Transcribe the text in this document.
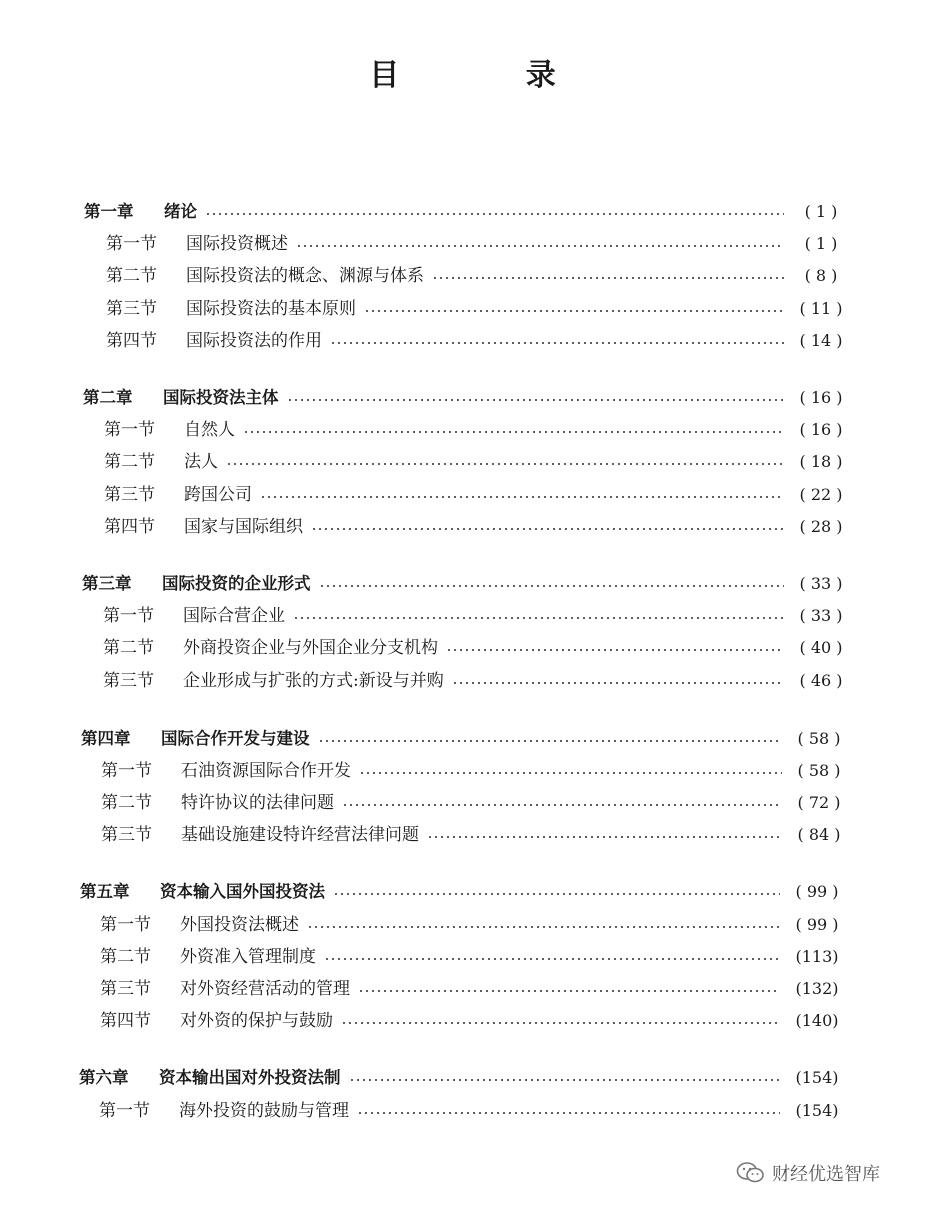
目 录
第一章	绪论	( 1 )
第一节	国际投资概述	( 1 )
第二节	国际投资法的概念、渊源与体系	( 8 )
第三节	国际投资法的基本原则	( 11 )
第四节	国际投资法的作用	( 14 )
第二章	国际投资法主体	( 16 )
第一节	自然人	( 16 )
第二节	法人	( 18 )
第三节	跨国公司	( 22 )
第四节	国家与国际组织	( 28 )
第三章	国际投资的企业形式	( 33 )
第一节	国际合营企业	( 33 )
第二节	外商投资企业与外国企业分支机构	( 40 )
第三节	企业形成与扩张的方式:新设与并购	( 46 )
第四章	国际合作开发与建设	( 58 )
第一节	石油资源国际合作开发	( 58 )
第二节	特许协议的法律问题	( 72 )
第三节	基础设施建设特许经营法律问题	( 84 )
第五章	资本输入国外国投资法	( 99 )
第一节	外国投资法概述	( 99 )
第二节	外资准入管理制度	(113)
第三节	对外资经营活动的管理	(132)
第四节	对外资的保护与鼓励	(140)
第六章	资本输出国对外投资法制	(154)
第一节	海外投资的鼓励与管理	(154)
财经优选智库
